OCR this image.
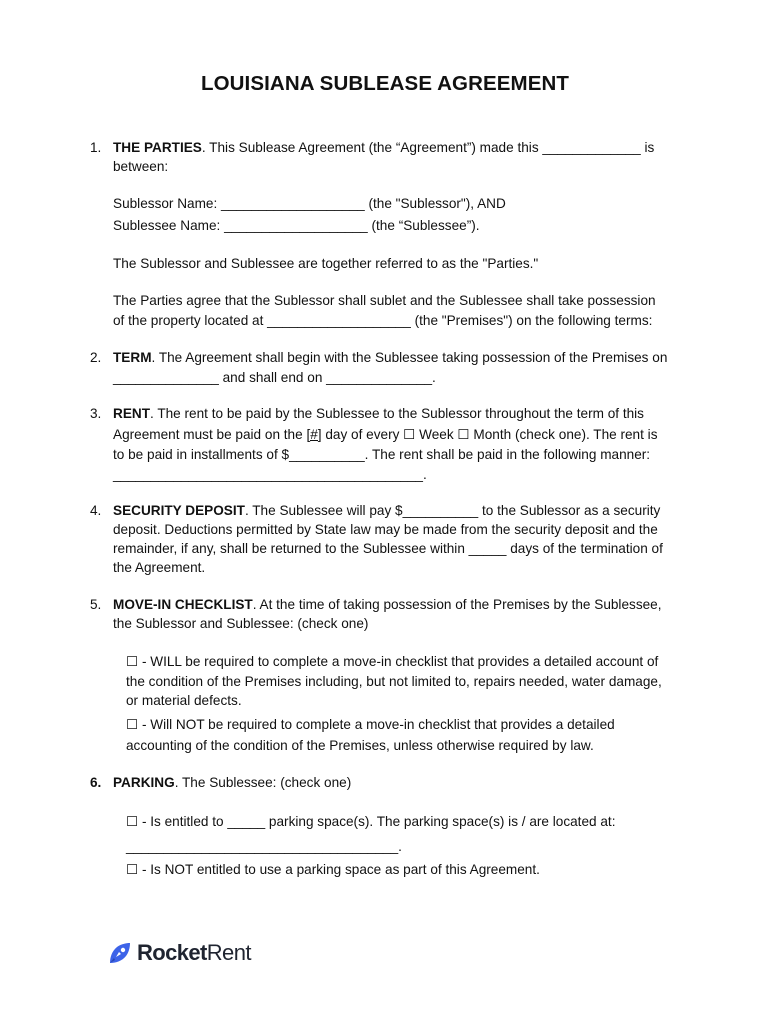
LOUISIANA SUBLEASE AGREEMENT
1. THE PARTIES. This Sublease Agreement (the “Agreement”) made this _____________ is
between:
Sublessor Name: ___________________ (the "Sublessor"), AND
Sublessee Name: ___________________ (the “Sublessee”).
The Sublessor and Sublessee are together referred to as the "Parties."
The Parties agree that the Sublessor shall sublet and the Sublessee shall take possession
of the property located at ___________________ (the "Premises") on the following terms:
2. TERM. The Agreement shall begin with the Sublessee taking possession of the Premises on
______________ and shall end on ______________.
3. RENT. The rent to be paid by the Sublessee to the Sublessor throughout the term of this
Agreement must be paid on the [#] day of every ☐ Week ☐ Month (check one). The rent is
to be paid in installments of $__________. The rent shall be paid in the following manner:
_________________________________________.
4. SECURITY DEPOSIT. The Sublessee will pay $__________ to the Sublessor as a security
deposit. Deductions permitted by State law may be made from the security deposit and the
remainder, if any, shall be returned to the Sublessee within _____ days of the termination of
the Agreement.
5. MOVE-IN CHECKLIST. At the time of taking possession of the Premises by the Sublessee,
the Sublessor and Sublessee: (check one)
☐ - WILL be required to complete a move-in checklist that provides a detailed account of
the condition of the Premises including, but not limited to, repairs needed, water damage,
or material defects.
☐ - Will NOT be required to complete a move-in checklist that provides a detailed
accounting of the condition of the Premises, unless otherwise required by law.
6. PARKING. The Sublessee: (check one)
☐ - Is entitled to _____ parking space(s). The parking space(s) is / are located at:
____________________________________.
☐ - Is NOT entitled to use a parking space as part of this Agreement.
RocketRent
